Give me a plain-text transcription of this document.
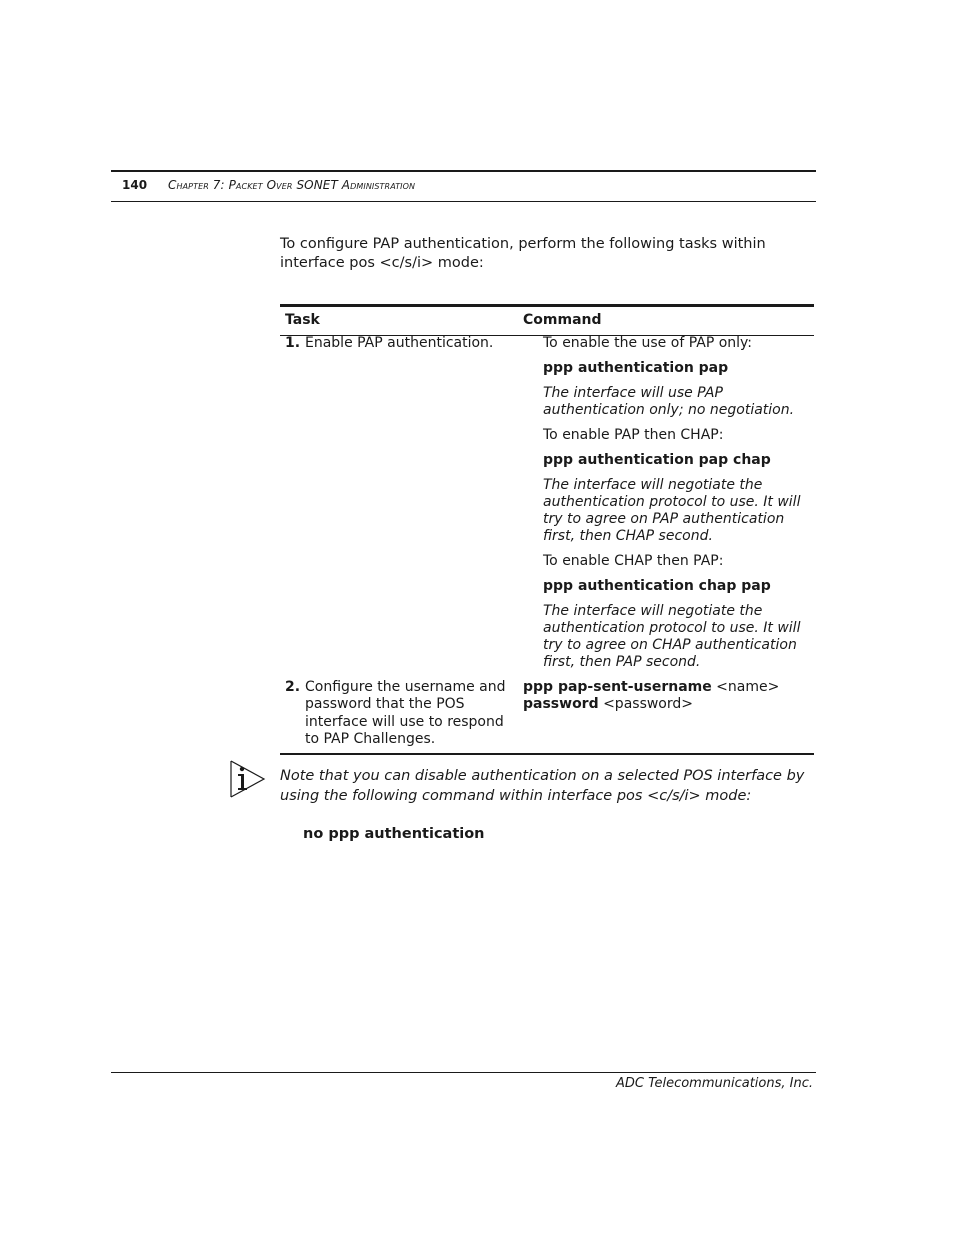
140 Chapter 7: Packet Over SONET Administration
To configure PAP authentication, perform the following tasks within interface pos <c/s/i> mode:
Task	Command
1. Enable PAP authentication.	To enable the use of PAP only:
ppp authentication pap
The interface will use PAP authentication only; no negotiation.
To enable PAP then CHAP:
ppp authentication pap chap
The interface will negotiate the authentication protocol to use. It will try to agree on PAP authentication first, then CHAP second.
To enable CHAP then PAP:
ppp authentication chap pap
The interface will negotiate the authentication protocol to use. It will try to agree on CHAP authentication first, then PAP second.
2. Configure the username and password that the POS interface will use to respond to PAP Challenges.
ppp pap-sent-username <name>
password <password>
Note that you can disable authentication on a selected POS interface by using the following command within interface pos <c/s/i> mode:
no ppp authentication
ADC Telecommunications, Inc.
